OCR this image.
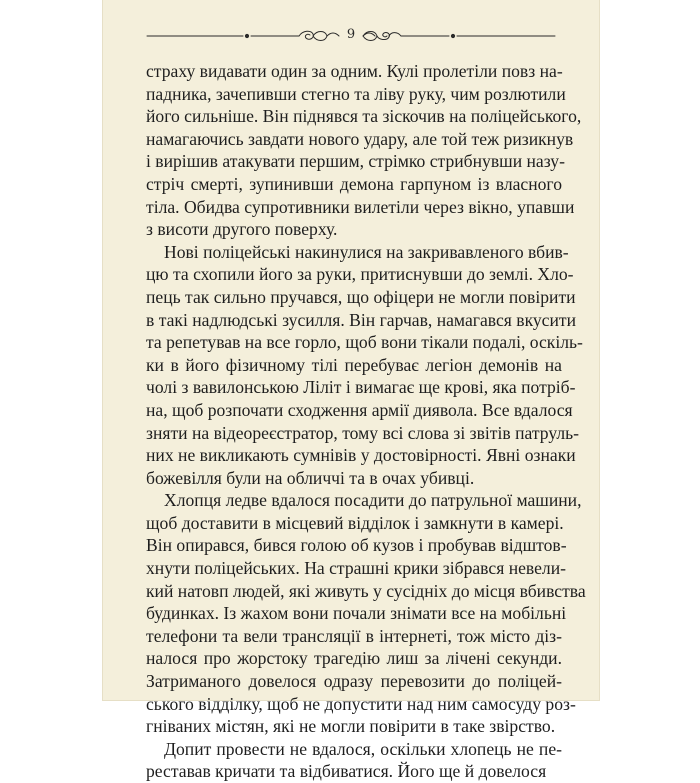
9
страху видавати один за одним. Кулі пролетіли повз на-
падника, зачепивши стегно та ліву руку, чим розлютили
його сильніше. Він піднявся та зіскочив на поліцейського,
намагаючись завдати нового удару, але той теж ризикнув
і вирішив атакувати першим, стрімко стрибнувши назу-
стріч смерті, зупинивши демона гарпуном із власного
тіла. Обидва супротивники вилетіли через вікно, упавши
з висоти другого поверху.
Нові поліцейські накинулися на закривавленого вбив-
цю та схопили його за руки, притиснувши до землі. Хло-
пець так сильно пручався, що офіцери не могли повірити
в такі надлюдські зусилля. Він гарчав, намагався вкусити
та репетував на все горло, щоб вони тікали подалі, оскіль-
ки в його фізичному тілі перебуває легіон демонів на
чолі з вавилонською Ліліт і вимагає ще крові, яка потріб-
на, щоб розпочати сходження армії диявола. Все вдалося
зняти на відеореєстратор, тому всі слова зі звітів патруль-
них не викликають сумнівів у достовірності. Явні ознаки
божевілля були на обличчі та в очах убивці.
Хлопця ледве вдалося посадити до патрульної машини,
щоб доставити в місцевий відділок і замкнути в камері.
Він опирався, бився голою об кузов і пробував відштов-
хнути поліцейських. На страшні крики зібрався невели-
кий натовп людей, які живуть у сусідніх до місця вбивства
будинках. Із жахом вони почали знімати все на мобільні
телефони та вели трансляції в інтернеті, тож місто діз-
налося про жорстоку трагедію лиш за лічені секунди.
Затриманого довелося одразу перевозити до поліцей-
ського відділку, щоб не допустити над ним самосуду роз-
гніваних містян, які не могли повірити в таке звірство.
Допит провести не вдалося, оскільки хлопець не пе-
реставав кричати та відбиватися. Його ще й довелося
